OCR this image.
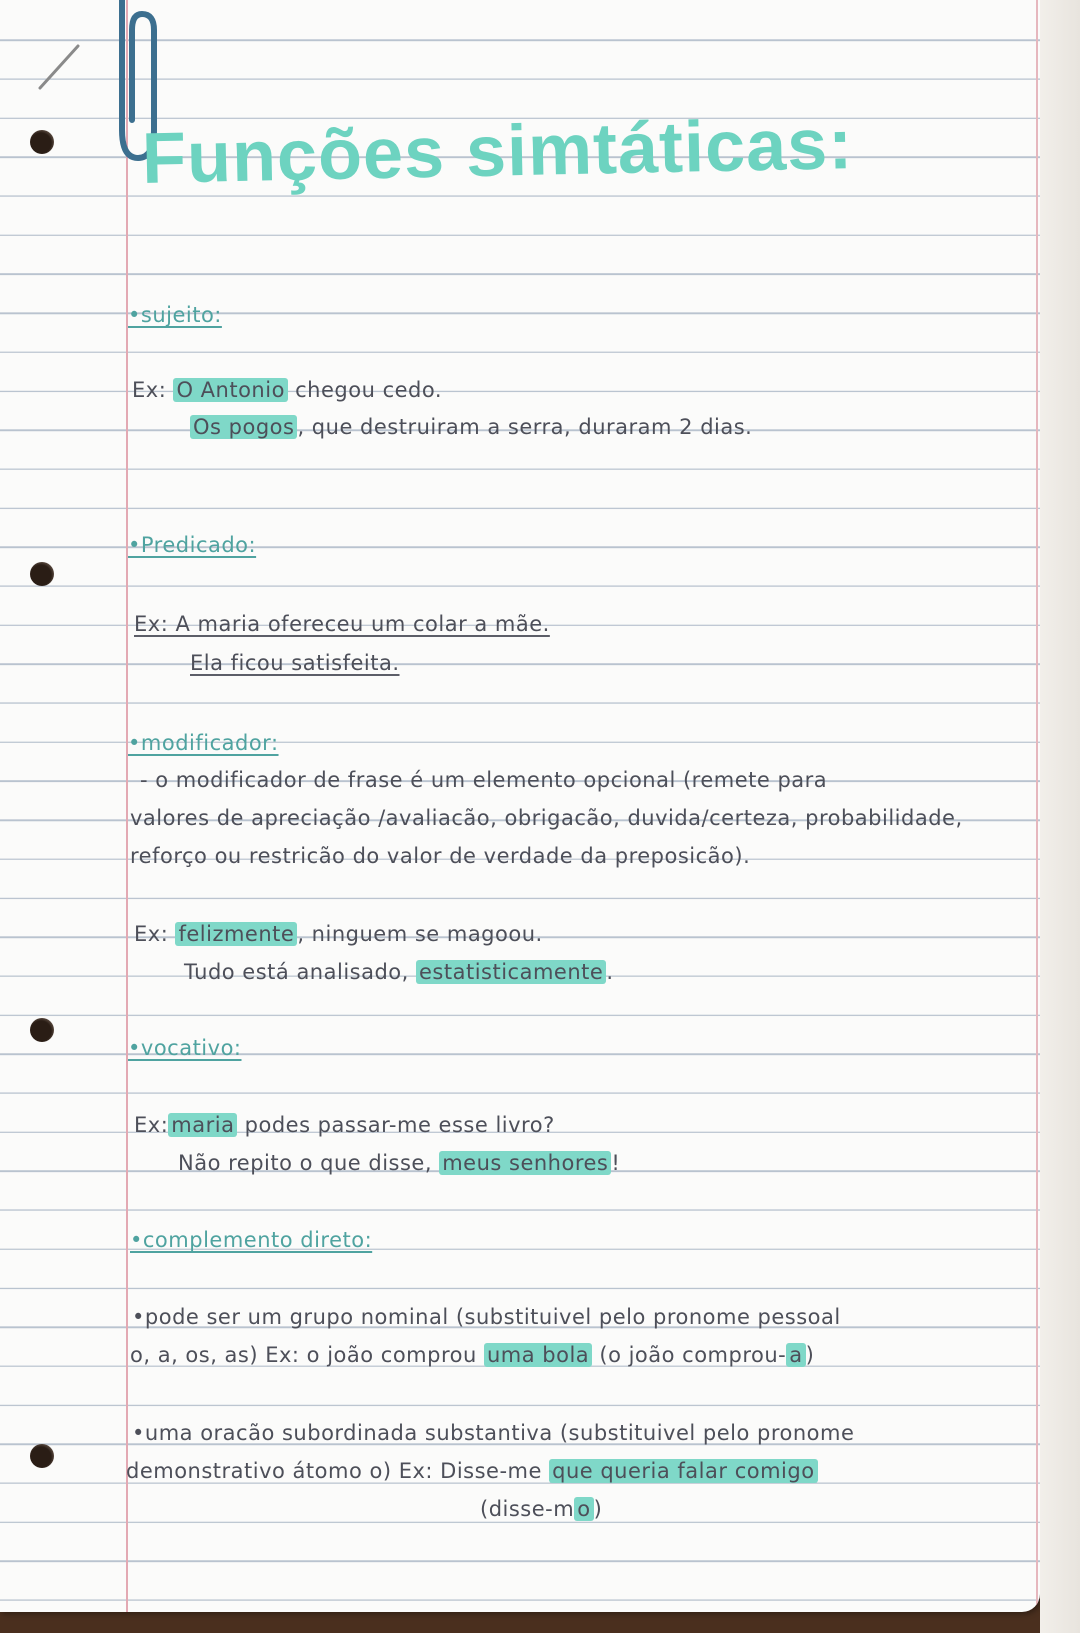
Funções simtáticas:
•sujeito:
Ex: O Antonio chegou cedo.
Os pogos , que destruiram a serra, duraram 2 dias.
•Predicado:
Ex: A maria ofereceu um colar a mãe.
Ela ficou satisfeita.
•modificador:
- o modificador de frase é um elemento opcional (remete para
valores de apreciação /avaliacão, obrigacão, duvida/certeza, probabilidade,
reforço ou restricão do valor de verdade da preposicão).
Ex: felizmente , ninguem se magoou.
Tudo está analisado, estatisticamente .
•vocativo:
Ex: maria podes passar-me esse livro?
Não repito o que disse, meus senhores !
•complemento direto:
•pode ser um grupo nominal (substituivel pelo pronome pessoal
o, a, os, as) Ex: o joão comprou uma bola (o joão comprou- a )
•uma oracão subordinada substantiva (substituivel pelo pronome
demonstrativo átomo o) Ex: Disse-me que queria falar comigo
(disse-m o )
